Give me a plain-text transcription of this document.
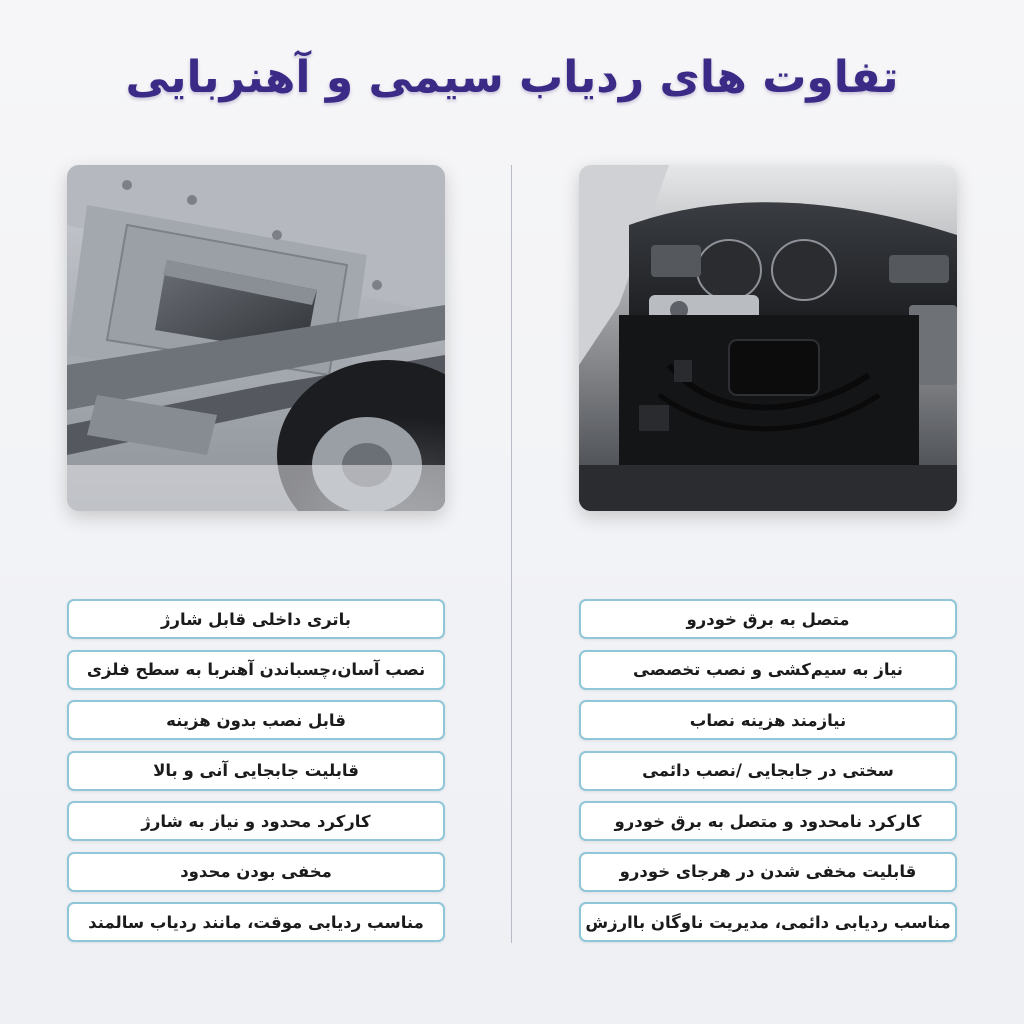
تفاوت های ردیاب سیمی و آهنربایی
باتری داخلی قابل شارژ
نصب آسان،چسباندن آهنربا به سطح فلزی
قابل نصب بدون هزینه
قابلیت جابجایی آنی و بالا
کارکرد محدود و نیاز به شارژ
مخفی بودن محدود
مناسب ردیابی موقت، مانند ردیاب سالمند
متصل به برق خودرو
نیاز به سیم‌کشی و نصب تخصصی
نیازمند هزینه نصاب
سختی در جابجایی /نصب دائمی
کارکرد نامحدود و متصل به برق خودرو
قابلیت مخفی شدن در هرجای خودرو
مناسب ردیابی دائمی، مدیریت ناوگان باارزش
